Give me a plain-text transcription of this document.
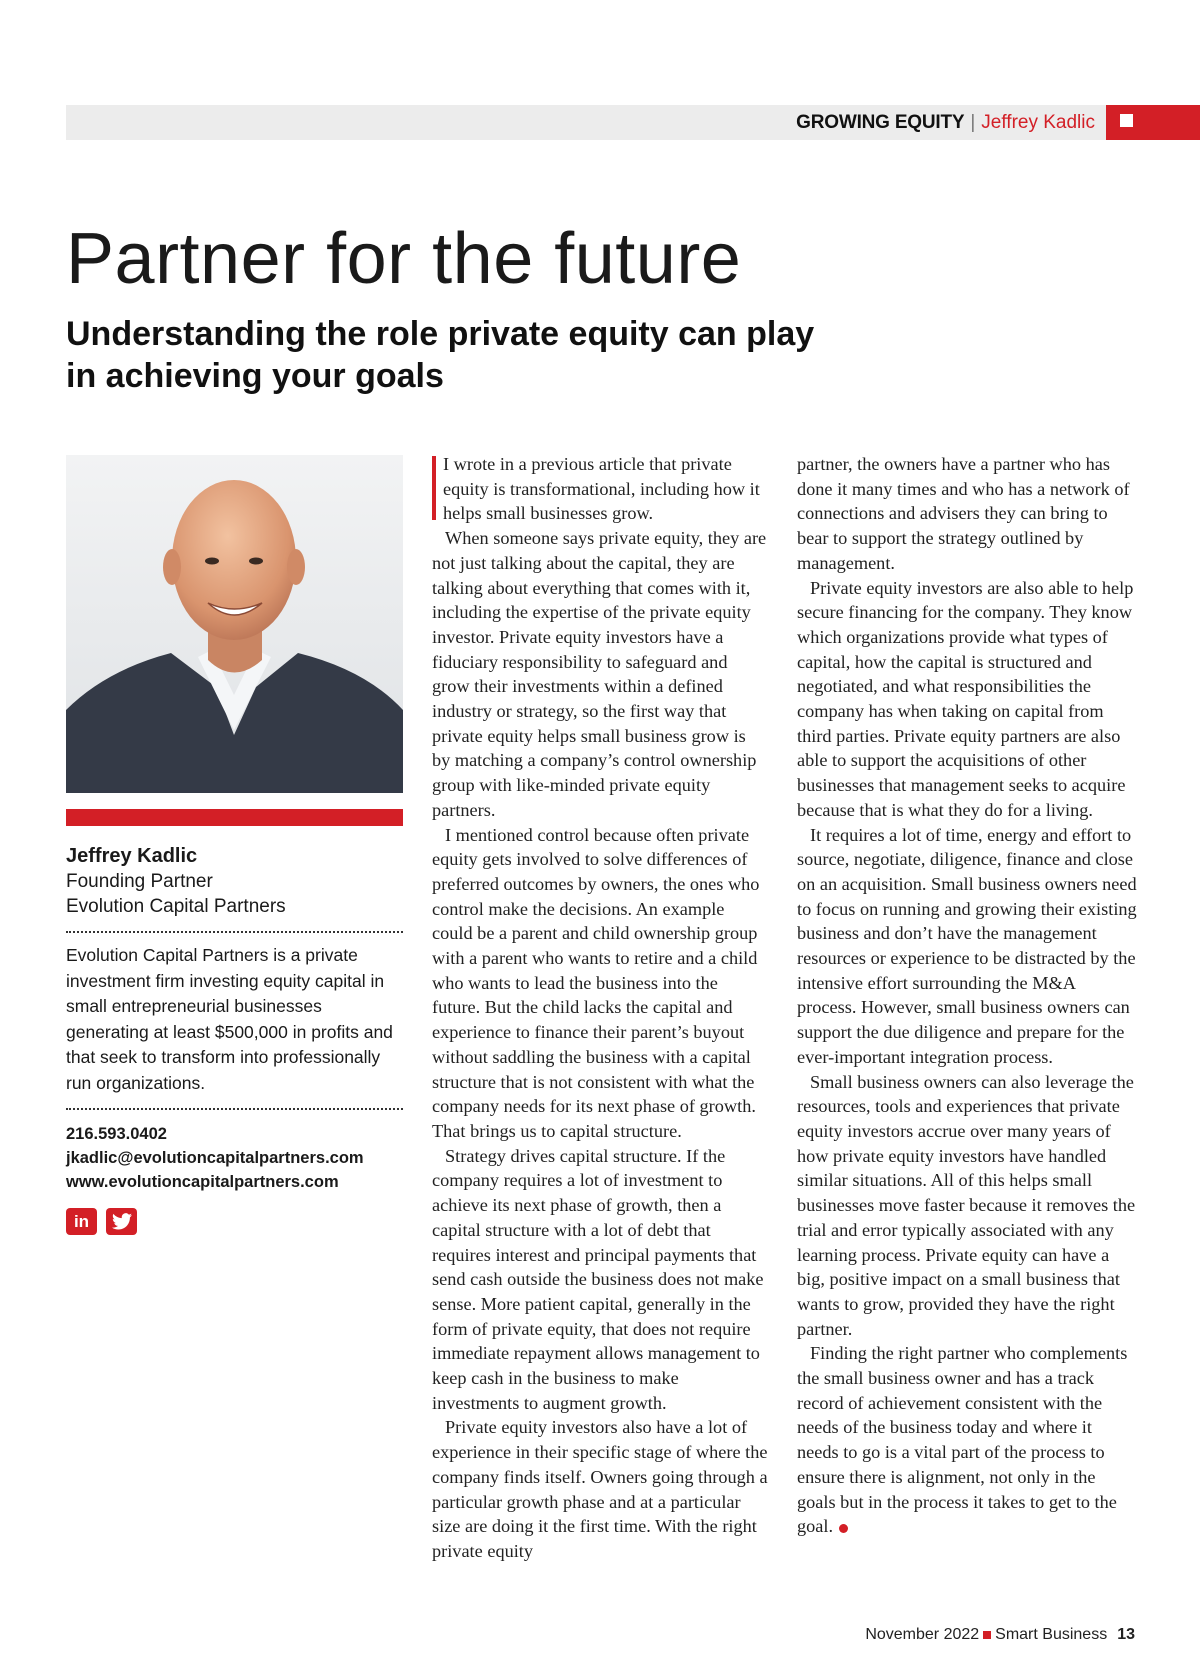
GROWING EQUITY | Jeffrey Kadlic
Partner for the future
Understanding the role private equity can play in achieving your goals
Jeffrey Kadlic
Founding Partner
Evolution Capital Partners
Evolution Capital Partners is a private investment firm investing equity capital in small entrepreneurial businesses generating at least $500,000 in profits and that seek to transform into professionally run organizations.
216.593.0402
jkadlic@evolutioncapitalpartners.com
www.evolutioncapitalpartners.com
in

I wrote in a previous article that private equity is transformational, including how it helps small businesses grow.

When someone says private equity, they are not just talking about the capital, they are talking about everything that comes with it, including the expertise of the private equity investor. Private equity investors have a fiduciary responsibility to safeguard and grow their investments within a defined industry or strategy, so the first way that private equity helps small business grow is by matching a company’s control ownership group with like-minded private equity partners.

I mentioned control because often private equity gets involved to solve differences of preferred outcomes by owners, the ones who control make the decisions. An example could be a parent and child ownership group with a parent who wants to retire and a child who wants to lead the business into the future. But the child lacks the capital and experience to finance their parent’s buyout without saddling the business with a capital structure that is not consistent with what the company needs for its next phase of growth. That brings us to capital structure.

Strategy drives capital structure. If the company requires a lot of investment to achieve its next phase of growth, then a capital structure with a lot of debt that requires interest and principal payments that send cash outside the business does not make sense. More patient capital, generally in the form of private equity, that does not require immediate repayment allows management to keep cash in the business to make investments to augment growth.

Private equity investors also have a lot of experience in their specific stage of where the company finds itself. Owners going through a particular growth phase and at a particular size are doing it the first time. With the right private equity

partner, the owners have a partner who has done it many times and who has a network of connections and advisers they can bring to bear to support the strategy outlined by management.

Private equity investors are also able to help secure financing for the company. They know which organizations provide what types of capital, how the capital is structured and negotiated, and what responsibilities the company has when taking on capital from third parties. Private equity partners are also able to support the acquisitions of other businesses that management seeks to acquire because that is what they do for a living.

It requires a lot of time, energy and effort to source, negotiate, diligence, finance and close on an acquisition. Small business owners need to focus on running and growing their existing business and don’t have the management resources or experience to be distracted by the intensive effort surrounding the M&A process. However, small business owners can support the due diligence and prepare for the ever-important integration process.

Small business owners can also leverage the resources, tools and experiences that private equity investors accrue over many years of how private equity investors have handled similar situations. All of this helps small businesses move faster because it removes the trial and error typically associated with any learning process. Private equity can have a big, positive impact on a small business that wants to grow, provided they have the right partner.

Finding the right partner who complements the small business owner and has a track record of achievement consistent with the needs of the business today and where it needs to go is a vital part of the process to ensure there is alignment, not only in the goals but in the process it takes to get to the goal.

November 2022 Smart Business 13
